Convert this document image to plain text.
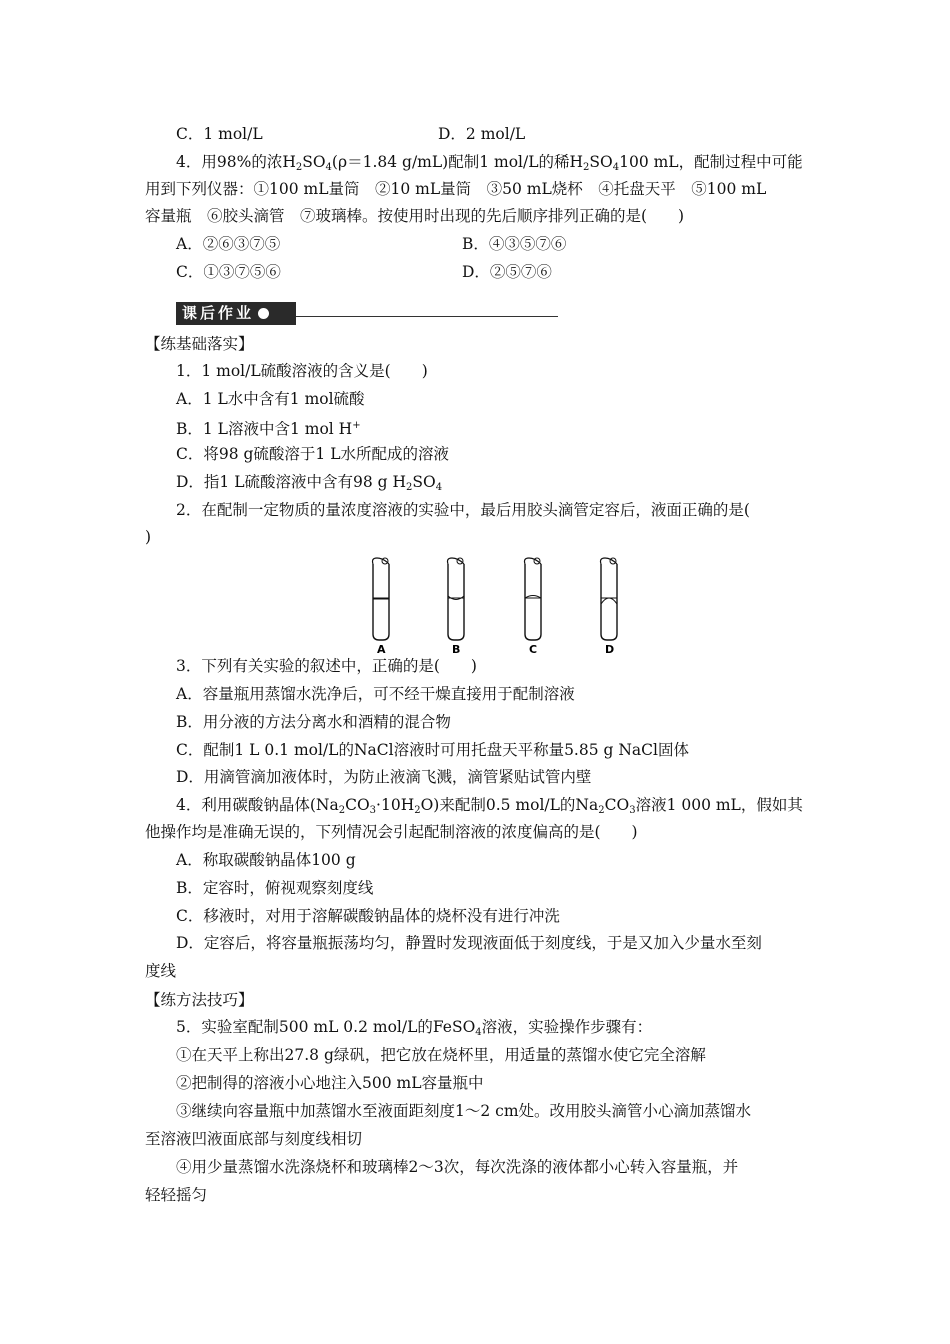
C．1 mol/L	D．2 mol/L
4．用98%的浓$H_2SO_4(\rho=1.84$ g/mL)配制1 mol/L的稀$H_2SO_4100$ mL，配制过程中可能
用到下列仪器：①100 mL量筒　②10 mL量筒　③50 mL烧杯　④托盘天平　⑤100 mL
容量瓶　⑥胶头滴管　⑦玻璃棒。按使用时出现的先后顺序排列正确的是(　　)
A．②⑥③⑦⑤	B．④③⑤⑦⑥
C．①③⑦⑤⑥	D．②⑤⑦⑥
课后作业
【练基础落实】
1．1 mol/L硫酸溶液的含义是(　　)
A．1 L水中含有1 mol硫酸
B．1 L溶液中含1 mol H+
C．将98 g硫酸溶于1 L水所配成的溶液
D．指1 L硫酸溶液中含有98 g $H_2SO_4$
2．在配制一定物质的量浓度溶液的实验中，最后用胶头滴管定容后，液面正确的是(
)
A	B	C	D
3．下列有关实验的叙述中，正确的是(　　)
A．容量瓶用蒸馏水洗净后，可不经干燥直接用于配制溶液
B．用分液的方法分离水和酒精的混合物
C．配制1 L 0.1 mol/L的NaCl溶液时可用托盘天平称量5.85 g NaCl固体
D．用滴管滴加液体时，为防止液滴飞溅，滴管紧贴试管内壁
4．利用碳酸钠晶体$(Na_2CO_3\cdot 10H_2O)$来配制0.5 mol/L的$Na_2CO_3$溶液1 000 mL，假如其
他操作均是准确无误的，下列情况会引起配制溶液的浓度偏高的是(　　)
A．称取碳酸钠晶体100 g
B．定容时，俯视观察刻度线
C．移液时，对用于溶解碳酸钠晶体的烧杯没有进行冲洗
D．定容后，将容量瓶振荡均匀，静置时发现液面低于刻度线，于是又加入少量水至刻
度线
【练方法技巧】
5．实验室配制500 mL 0.2 mol/L的FeSO$_4$溶液，实验操作步骤有：
①在天平上称出27.8 g绿矾，把它放在烧杯里，用适量的蒸馏水使它完全溶解
②把制得的溶液小心地注入500 mL容量瓶中
③继续向容量瓶中加蒸馏水至液面距刻度1～2 cm处。改用胶头滴管小心滴加蒸馏水
至溶液凹液面底部与刻度线相切
④用少量蒸馏水洗涤烧杯和玻璃棒2～3次，每次洗涤的液体都小心转入容量瓶，并
轻轻摇匀
